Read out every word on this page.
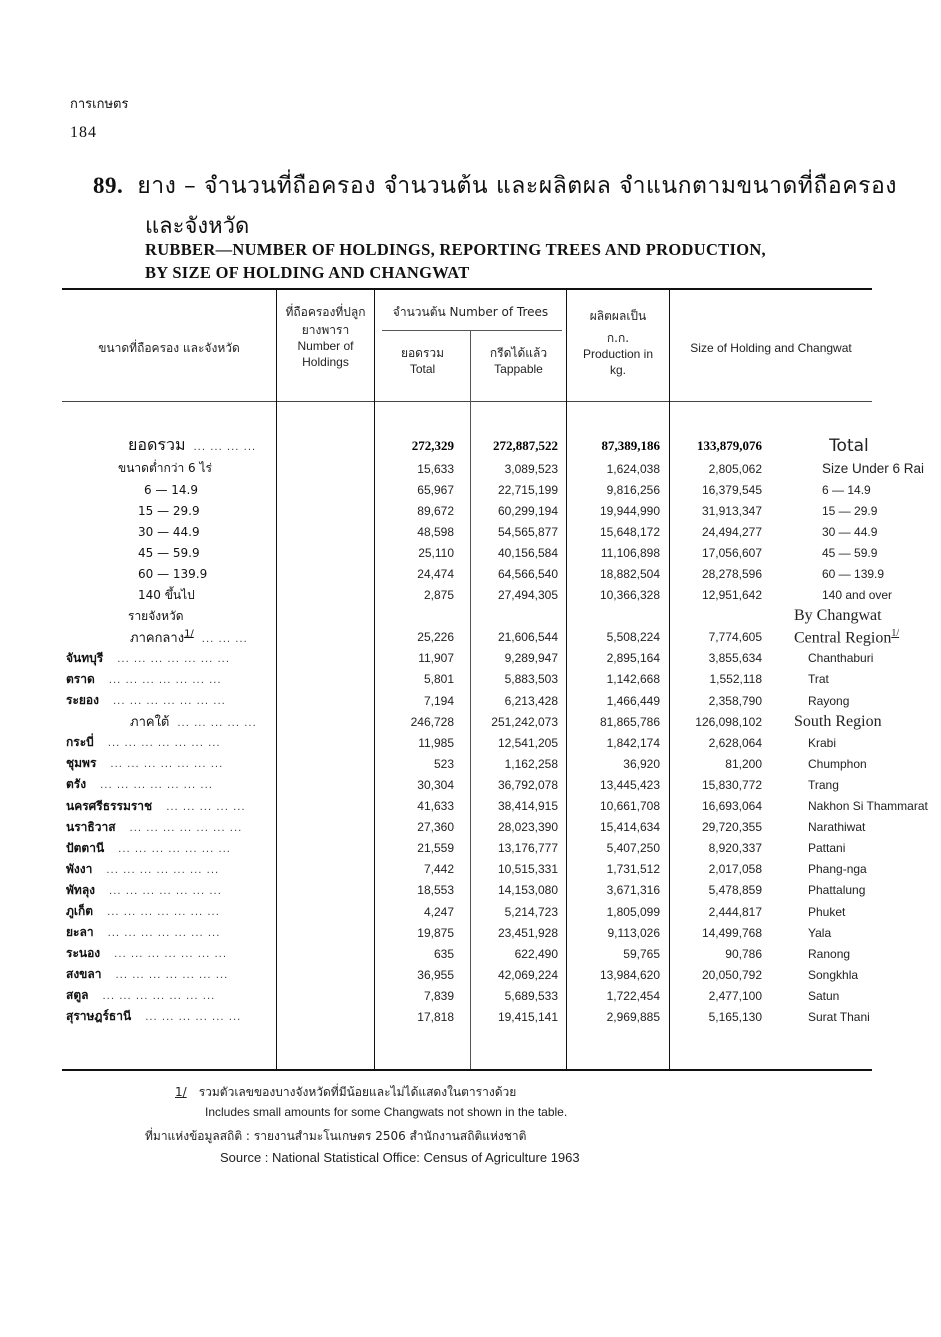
การเกษตร
184
89. ยาง – จำนวนที่ถือครอง จำนวนต้น และผลิตผล จำแนกตามขนาดที่ถือครอง
และจังหวัด
RUBBER—NUMBER OF HOLDINGS, REPORTING TREES AND PRODUCTION,
BY SIZE OF HOLDING AND CHANGWAT
ขนาดที่ถือครอง และจังหวัด
ที่ถือครองที่ปลูก
ยางพารา
Number of
Holdings
จำนวนต้น Number of Trees
ยอดรวม
Total
กรีดได้แล้ว
Tappable
ผลิตผลเป็น
ก.ก.
Production in
kg.
Size of Holding and Changwat
ยอดรวม ... ... ... ...	272,329	272,887,522	87,389,186	133,879,076	Total
ขนาดต่ำกว่า 6 ไร่	15,633	3,089,523	1,624,038	2,805,062	Size Under 6 Rai
6 — 14.9	65,967	22,715,199	9,816,256	16,379,545	6 — 14.9
15 — 29.9	89,672	60,299,194	19,944,990	31,913,347	15 — 29.9
30 — 44.9	48,598	54,565,877	15,648,172	24,494,277	30 — 44.9
45 — 59.9	25,110	40,156,584	11,106,898	17,056,607	45 — 59.9
60 — 139.9	24,474	64,566,540	18,882,504	28,278,596	60 — 139.9
140 ขึ้นไป	2,875	27,494,305	10,366,328	12,951,642	140 and over
รายจังหวัด					By Changwat
ภาคกลาง$^{1/}$ ... ... ...	25,226	21,606,544	5,508,224	7,774,605	Central Region$^{1/}$
จันทบุรี ... ... ... ... ... ... ...	11,907	9,289,947	2,895,164	3,855,634	Chanthaburi
ตราด ... ... ... ... ... ... ...	5,801	5,883,503	1,142,668	1,552,118	Trat
ระยอง ... ... ... ... ... ... ...	7,194	6,213,428	1,466,449	2,358,790	Rayong
ภาคใต้ ... ... ... ... ...	246,728	251,242,073	81,865,786	126,098,102	South Region
กระบี่ ... ... ... ... ... ... ...	11,985	12,541,205	1,842,174	2,628,064	Krabi
ชุมพร ... ... ... ... ... ... ...	523	1,162,258	36,920	81,200	Chumphon
ตรัง ... ... ... ... ... ... ...	30,304	36,792,078	13,445,423	15,830,772	Trang
นครศรีธรรมราช ... ... ... ... ...	41,633	38,414,915	10,661,708	16,693,064	Nakhon Si Thammarat
นราธิวาส ... ... ... ... ... ... ...	27,360	28,023,390	15,414,634	29,720,355	Narathiwat
ปัตตานี ... ... ... ... ... ... ...	21,559	13,176,777	5,407,250	8,920,337	Pattani
พังงา ... ... ... ... ... ... ...	7,442	10,515,331	1,731,512	2,017,058	Phang-nga
พัทลุง ... ... ... ... ... ... ...	18,553	14,153,080	3,671,316	5,478,859	Phattalung
ภูเก็ต ... ... ... ... ... ... ...	4,247	5,214,723	1,805,099	2,444,817	Phuket
ยะลา ... ... ... ... ... ... ...	19,875	23,451,928	9,113,026	14,499,768	Yala
ระนอง ... ... ... ... ... ... ...	635	622,490	59,765	90,786	Ranong
สงขลา ... ... ... ... ... ... ...	36,955	42,069,224	13,984,620	20,050,792	Songkhla
สตูล ... ... ... ... ... ... ...	7,839	5,689,533	1,722,454	2,477,100	Satun
สุราษฎร์ธานี ... ... ... ... ... ...	17,818	19,415,141	2,969,885	5,165,130	Surat Thani
1/ รวมตัวเลขของบางจังหวัดที่มีน้อยและไม่ได้แสดงในตารางด้วย
Includes small amounts for some Changwats not shown in the table.
ที่มาแห่งข้อมูลสถิติ : รายงานสำมะโนเกษตร 2506 สำนักงานสถิติแห่งชาติ
Source : National Statistical Office: Census of Agriculture 1963
